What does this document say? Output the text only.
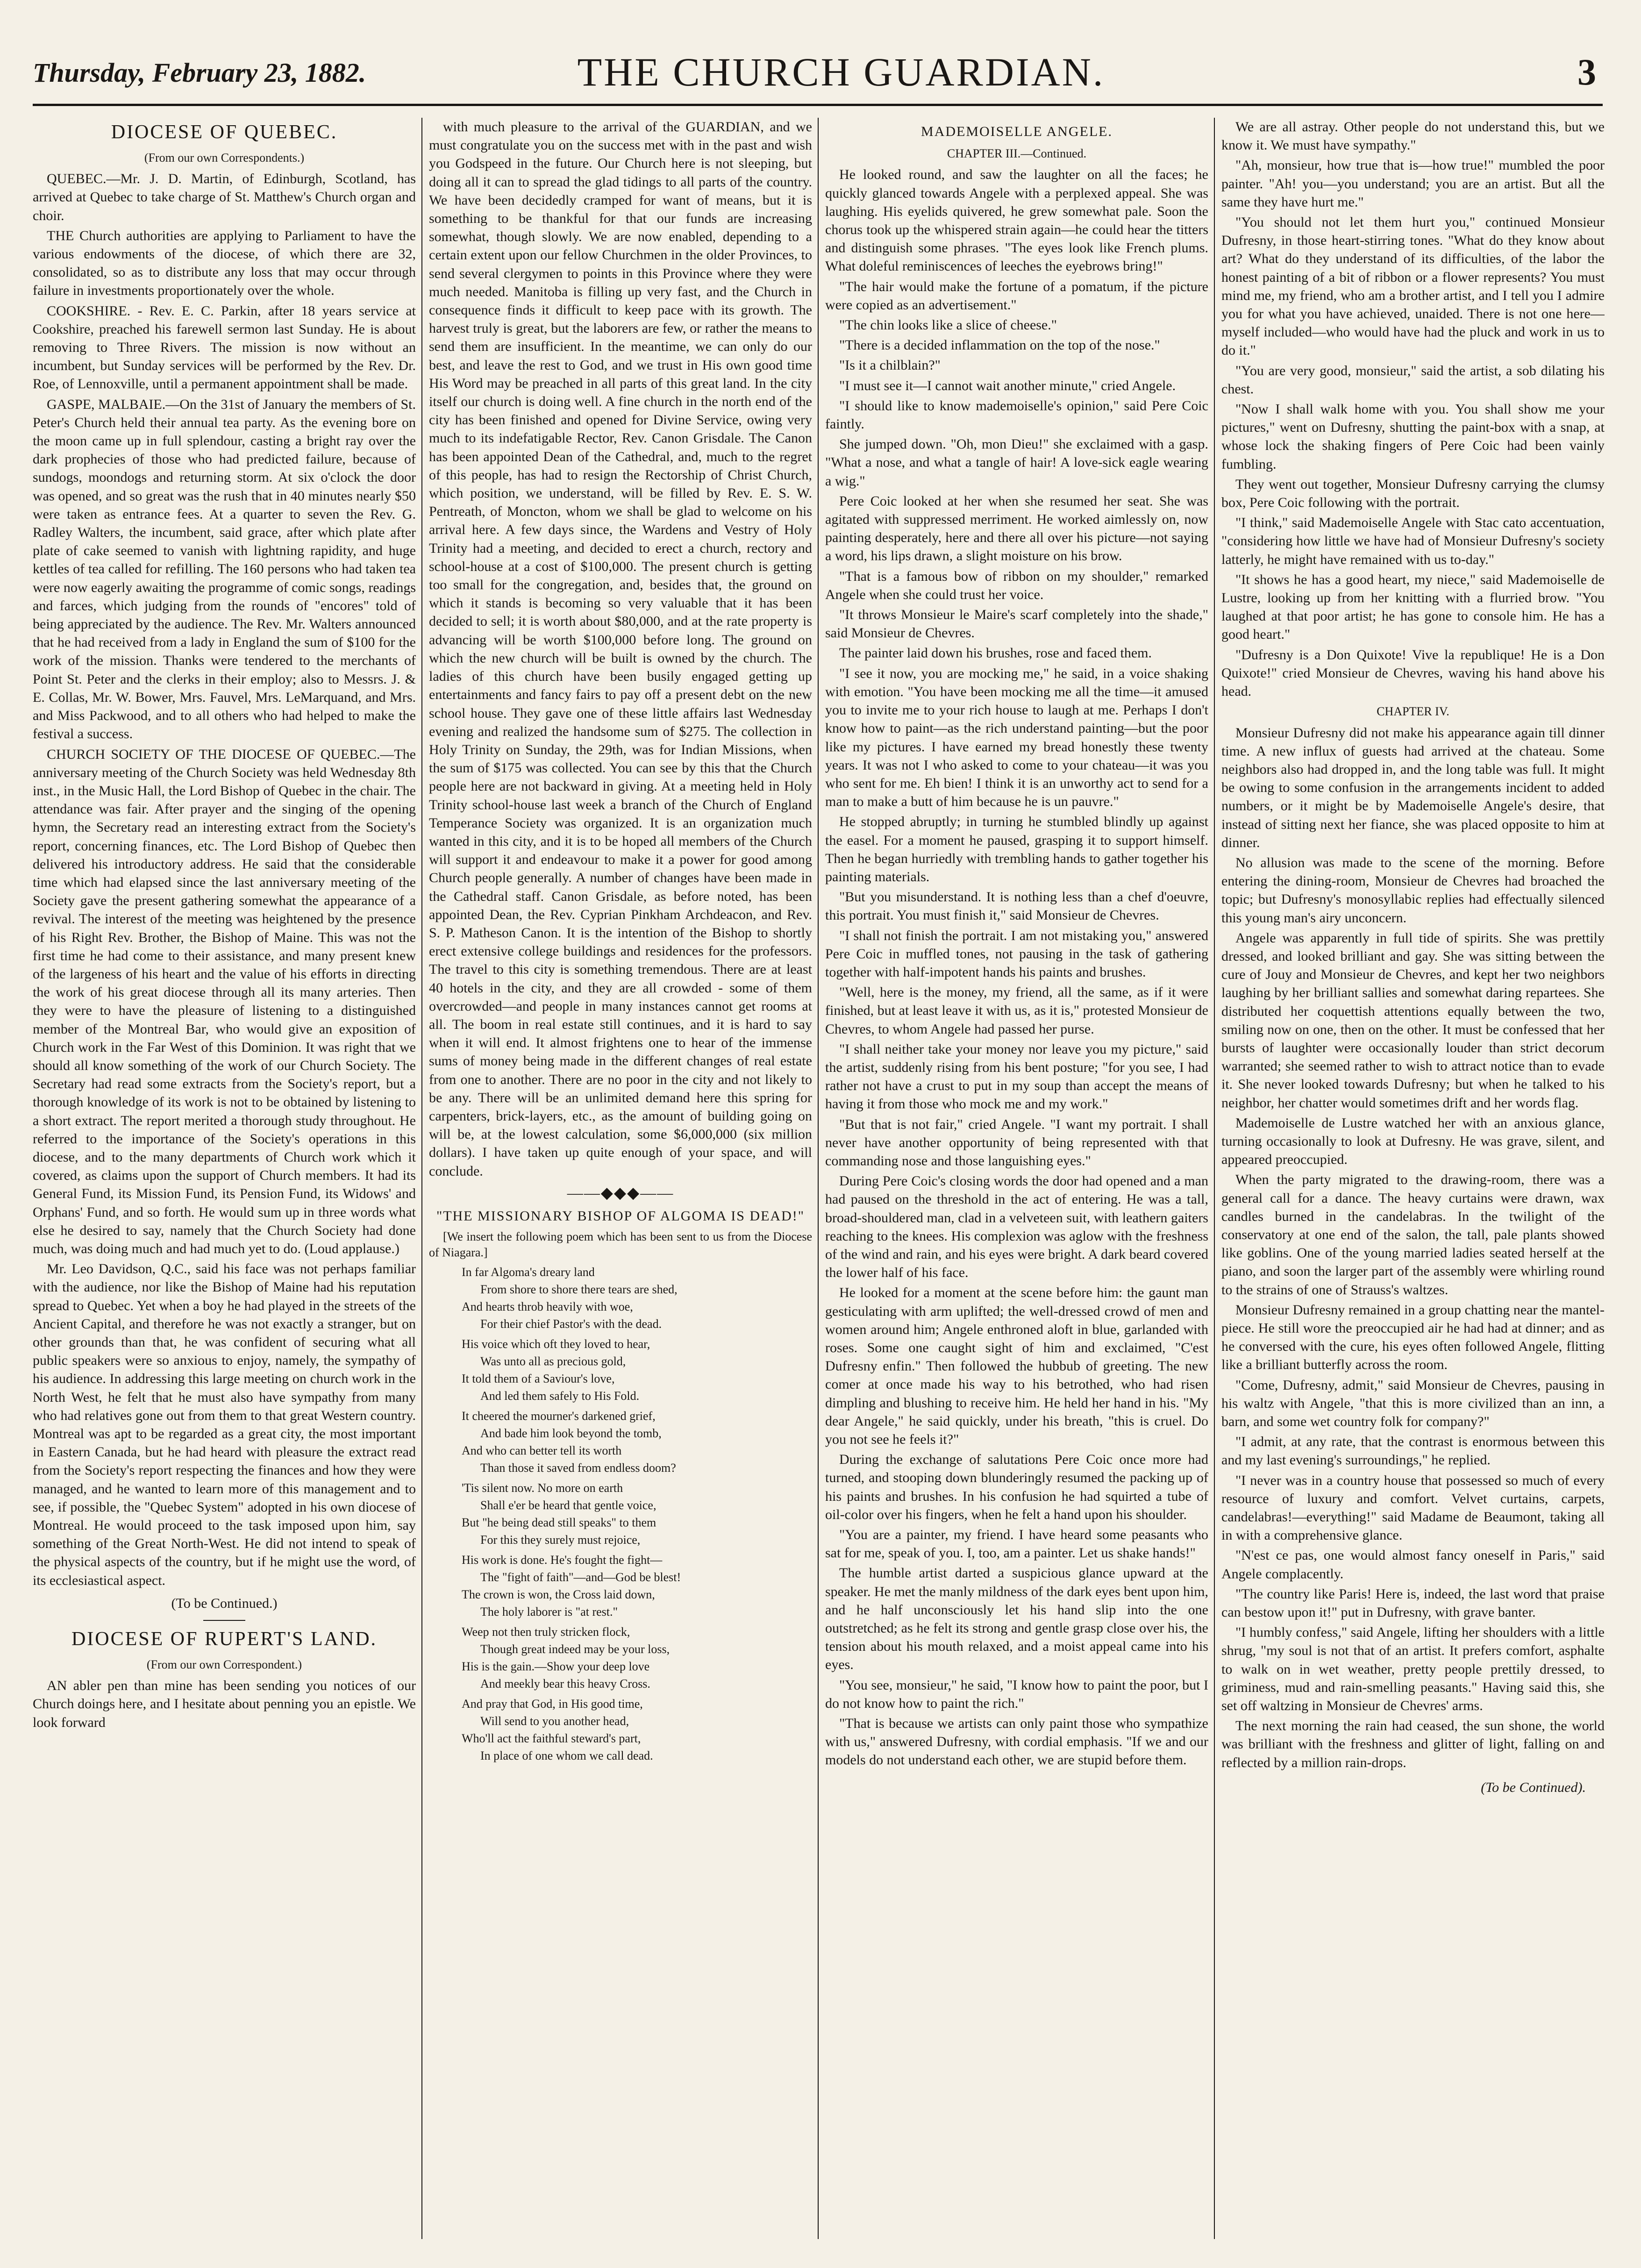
Thursday, February 23, 1882.	THE CHURCH GUARDIAN.	3
DIOCESE OF QUEBEC.
(From our own Correspondents.)

QUEBEC.—Mr. J. D. Martin, of Edinburgh, Scotland, has arrived at Quebec to take charge of St. Matthew's Church organ and choir.

THE Church authorities are applying to Parliament to have the various endowments of the diocese, of which there are 32, consolidated, so as to distribute any loss that may occur through failure in investments proportionately over the whole.

COOKSHIRE. - Rev. E. C. Parkin, after 18 years service at Cookshire, preached his farewell sermon last Sunday. He is about removing to Three Rivers. The mission is now without an incumbent, but Sunday services will be performed by the Rev. Dr. Roe, of Lennoxville, until a permanent appointment shall be made.

GASPE, MALBAIE.—On the 31st of January the members of St. Peter's Church held their annual tea party. As the evening bore on the moon came up in full splendour, casting a bright ray over the dark prophecies of those who had predicted failure, because of sundogs, moondogs and returning storm. At six o'clock the door was opened, and so great was the rush that in 40 minutes nearly $50 were taken as entrance fees. At a quarter to seven the Rev. G. Radley Walters, the incumbent, said grace, after which plate after plate of cake seemed to vanish with lightning rapidity, and huge kettles of tea called for refilling. The 160 persons who had taken tea were now eagerly awaiting the programme of comic songs, readings and farces, which judging from the rounds of "encores" told of being appreciated by the audience. The Rev. Mr. Walters announced that he had received from a lady in England the sum of $100 for the work of the mission. Thanks were tendered to the merchants of Point St. Peter and the clerks in their employ; also to Messrs. J. & E. Collas, Mr. W. Bower, Mrs. Fauvel, Mrs. LeMarquand, and Mrs. and Miss Packwood, and to all others who had helped to make the festival a success.

CHURCH SOCIETY OF THE DIOCESE OF QUEBEC.—The anniversary meeting of the Church Society was held Wednesday 8th inst., in the Music Hall, the Lord Bishop of Quebec in the chair. The attendance was fair. After prayer and the singing of the opening hymn, the Secretary read an interesting extract from the Society's report, concerning finances, etc. The Lord Bishop of Quebec then delivered his introductory address. He said that the considerable time which had elapsed since the last anniversary meeting of the Society gave the present gathering somewhat the appearance of a revival. The interest of the meeting was heightened by the presence of his Right Rev. Brother, the Bishop of Maine. This was not the first time he had come to their assistance, and many present knew of the largeness of his heart and the value of his efforts in directing the work of his great diocese through all its many arteries. Then they were to have the pleasure of listening to a distinguished member of the Montreal Bar, who would give an exposition of Church work in the Far West of this Dominion. It was right that we should all know something of the work of our Church Society. The Secretary had read some extracts from the Society's report, but a thorough knowledge of its work is not to be obtained by listening to a short extract. The report merited a thorough study throughout. He referred to the importance of the Society's operations in this diocese, and to the many departments of Church work which it covered, as claims upon the support of Church members. It had its General Fund, its Mission Fund, its Pension Fund, its Widows' and Orphans' Fund, and so forth. He would sum up in three words what else he desired to say, namely that the Church Society had done much, was doing much and had much yet to do. (Loud applause.)

Mr. Leo Davidson, Q.C., said his face was not perhaps familiar with the audience, nor like the Bishop of Maine had his reputation spread to Quebec. Yet when a boy he had played in the streets of the Ancient Capital, and therefore he was not exactly a stranger, but on other grounds than that, he was confident of securing what all public speakers were so anxious to enjoy, namely, the sympathy of his audience. In addressing this large meeting on church work in the North West, he felt that he must also have sympathy from many who had relatives gone out from them to that great Western country. Montreal was apt to be regarded as a great city, the most important in Eastern Canada, but he had heard with pleasure the extract read from the Society's report respecting the finances and how they were managed, and he wanted to learn more of this management and to see, if possible, the "Quebec System" adopted in his own diocese of Montreal. He would proceed to the task imposed upon him, say something of the Great North-West. He did not intend to speak of the physical aspects of the country, but if he might use the word, of its ecclesiastical aspect.

(To be Continued.)
DIOCESE OF RUPERT'S LAND.
(From our own Correspondent.)

AN abler pen than mine has been sending you notices of our Church doings here, and I hesitate about penning you an epistle. We look forward

with much pleasure to the arrival of the GUARDIAN, and we must congratulate you on the success met with in the past and wish you Godspeed in the future. Our Church here is not sleeping, but doing all it can to spread the glad tidings to all parts of the country. We have been decidedly cramped for want of means, but it is something to be thankful for that our funds are increasing somewhat, though slowly. We are now enabled, depending to a certain extent upon our fellow Churchmen in the older Provinces, to send several clergymen to points in this Province where they were much needed. Manitoba is filling up very fast, and the Church in consequence finds it difficult to keep pace with its growth. The harvest truly is great, but the laborers are few, or rather the means to send them are insufficient. In the meantime, we can only do our best, and leave the rest to God, and we trust in His own good time His Word may be preached in all parts of this great land. In the city itself our church is doing well. A fine church in the north end of the city has been finished and opened for Divine Service, owing very much to its indefatigable Rector, Rev. Canon Grisdale. The Canon has been appointed Dean of the Cathedral, and, much to the regret of this people, has had to resign the Rectorship of Christ Church, which position, we understand, will be filled by Rev. E. S. W. Pentreath, of Moncton, whom we shall be glad to welcome on his arrival here. A few days since, the Wardens and Vestry of Holy Trinity had a meeting, and decided to erect a church, rectory and school-house at a cost of $100,000. The present church is getting too small for the congregation, and, besides that, the ground on which it stands is becoming so very valuable that it has been decided to sell; it is worth about $80,000, and at the rate property is advancing will be worth $100,000 before long. The ground on which the new church will be built is owned by the church. The ladies of this church have been busily engaged getting up entertainments and fancy fairs to pay off a present debt on the new school house. They gave one of these little affairs last Wednesday evening and realized the handsome sum of $275. The collection in Holy Trinity on Sunday, the 29th, was for Indian Missions, when the sum of $175 was collected. You can see by this that the Church people here are not backward in giving. At a meeting held in Holy Trinity school-house last week a branch of the Church of England Temperance Society was organized. It is an organization much wanted in this city, and it is to be hoped all members of the Church will support it and endeavour to make it a power for good among Church people generally. A number of changes have been made in the Cathedral staff. Canon Grisdale, as before noted, has been appointed Dean, the Rev. Cyprian Pinkham Archdeacon, and Rev. S. P. Matheson Canon. It is the intention of the Bishop to shortly erect extensive college buildings and residences for the professors. The travel to this city is something tremendous. There are at least 40 hotels in the city, and they are all crowded - some of them overcrowded—and people in many instances cannot get rooms at all. The boom in real estate still continues, and it is hard to say when it will end. It almost frightens one to hear of the immense sums of money being made in the different changes of real estate from one to another. There are no poor in the city and not likely to be any. There will be an unlimited demand here this spring for carpenters, brick-layers, etc., as the amount of building going on will be, at the lowest calculation, some $6,000,000 (six million dollars). I have taken up quite enough of your space, and will conclude.

——◆◆◆——
"THE MISSIONARY BISHOP OF ALGOMA IS DEAD!"

[We insert the following poem which has been sent to us from the Diocese of Niagara.]

In far Algoma's dreary land
From shore to shore there tears are shed,
And hearts throb heavily with woe,
For their chief Pastor's with the dead.
His voice which oft they loved to hear,
Was unto all as precious gold,
It told them of a Saviour's love,
And led them safely to His Fold.
It cheered the mourner's darkened grief,
And bade him look beyond the tomb,
And who can better tell its worth
Than those it saved from endless doom?
'Tis silent now. No more on earth
Shall e'er be heard that gentle voice,
But "he being dead still speaks" to them
For this they surely must rejoice,
His work is done. He's fought the fight—
The "fight of faith"—and—God be blest!
The crown is won, the Cross laid down,
The holy laborer is "at rest."
Weep not then truly stricken flock,
Though great indeed may be your loss,
His is the gain.—Show your deep love
And meekly bear this heavy Cross.
And pray that God, in His good time,
Will send to you another head,
Who'll act the faithful steward's part,
In place of one whom we call dead.
MADEMOISELLE ANGELE.
CHAPTER III.—Continued.

He looked round, and saw the laughter on all the faces; he quickly glanced towards Angele with a perplexed appeal. She was laughing. His eyelids quivered, he grew somewhat pale. Soon the chorus took up the whispered strain again—he could hear the titters and distinguish some phrases. "The eyes look like French plums. What doleful reminiscences of leeches the eyebrows bring!"

"The hair would make the fortune of a pomatum, if the picture were copied as an advertisement."

"The chin looks like a slice of cheese."

"There is a decided inflammation on the top of the nose."

"Is it a chilblain?"

"I must see it—I cannot wait another minute," cried Angele.

"I should like to know mademoiselle's opinion," said Pere Coic faintly.

She jumped down. "Oh, mon Dieu!" she exclaimed with a gasp. "What a nose, and what a tangle of hair! A love-sick eagle wearing a wig."

Pere Coic looked at her when she resumed her seat. She was agitated with suppressed merriment. He worked aimlessly on, now painting desperately, here and there all over his picture—not saying a word, his lips drawn, a slight moisture on his brow.

"That is a famous bow of ribbon on my shoulder," remarked Angele when she could trust her voice.

"It throws Monsieur le Maire's scarf completely into the shade," said Monsieur de Chevres.

The painter laid down his brushes, rose and faced them.

"I see it now, you are mocking me," he said, in a voice shaking with emotion. "You have been mocking me all the time—it amused you to invite me to your rich house to laugh at me. Perhaps I don't know how to paint—as the rich understand painting—but the poor like my pictures. I have earned my bread honestly these twenty years. It was not I who asked to come to your chateau—it was you who sent for me. Eh bien! I think it is an unworthy act to send for a man to make a butt of him because he is un pauvre."

He stopped abruptly; in turning he stumbled blindly up against the easel. For a moment he paused, grasping it to support himself. Then he began hurriedly with trembling hands to gather together his painting materials.

"But you misunderstand. It is nothing less than a chef d'oeuvre, this portrait. You must finish it," said Monsieur de Chevres.

"I shall not finish the portrait. I am not mistaking you," answered Pere Coic in muffled tones, not pausing in the task of gathering together with half-impotent hands his paints and brushes.

"Well, here is the money, my friend, all the same, as if it were finished, but at least leave it with us, as it is," protested Monsieur de Chevres, to whom Angele had passed her purse.

"I shall neither take your money nor leave you my picture," said the artist, suddenly rising from his bent posture; "for you see, I had rather not have a crust to put in my soup than accept the means of having it from those who mock me and my work."

"But that is not fair," cried Angele. "I want my portrait. I shall never have another opportunity of being represented with that commanding nose and those languishing eyes."

During Pere Coic's closing words the door had opened and a man had paused on the threshold in the act of entering. He was a tall, broad-shouldered man, clad in a velveteen suit, with leathern gaiters reaching to the knees. His complexion was aglow with the freshness of the wind and rain, and his eyes were bright. A dark beard covered the lower half of his face.

He looked for a moment at the scene before him: the gaunt man gesticulating with arm uplifted; the well-dressed crowd of men and women around him; Angele enthroned aloft in blue, garlanded with roses. Some one caught sight of him and exclaimed, "C'est Dufresny enfin." Then followed the hubbub of greeting. The new comer at once made his way to his betrothed, who had risen dimpling and blushing to receive him. He held her hand in his. "My dear Angele," he said quickly, under his breath, "this is cruel. Do you not see he feels it?"

During the exchange of salutations Pere Coic once more had turned, and stooping down blunderingly resumed the packing up of his paints and brushes. In his confusion he had squirted a tube of oil-color over his fingers, when he felt a hand upon his shoulder.

"You are a painter, my friend. I have heard some peasants who sat for me, speak of you. I, too, am a painter. Let us shake hands!"

The humble artist darted a suspicious glance upward at the speaker. He met the manly mildness of the dark eyes bent upon him, and he half unconsciously let his hand slip into the one outstretched; as he felt its strong and gentle grasp close over his, the tension about his mouth relaxed, and a moist appeal came into his eyes.

"You see, monsieur," he said, "I know how to paint the poor, but I do not know how to paint the rich."

"That is because we artists can only paint those who sympathize with us," answered Dufresny, with cordial emphasis. "If we and our models do not understand each other, we are stupid before them.

We are all astray. Other people do not understand this, but we know it. We must have sympathy."

"Ah, monsieur, how true that is—how true!" mumbled the poor painter. "Ah! you—you understand; you are an artist. But all the same they have hurt me."

"You should not let them hurt you," continued Monsieur Dufresny, in those heart-stirring tones. "What do they know about art? What do they understand of its difficulties, of the labor the honest painting of a bit of ribbon or a flower represents? You must mind me, my friend, who am a brother artist, and I tell you I admire you for what you have achieved, unaided. There is not one here—myself included—who would have had the pluck and work in us to do it."

"You are very good, monsieur," said the artist, a sob dilating his chest.

"Now I shall walk home with you. You shall show me your pictures," went on Dufresny, shutting the paint-box with a snap, at whose lock the shaking fingers of Pere Coic had been vainly fumbling.

They went out together, Monsieur Dufresny carrying the clumsy box, Pere Coic following with the portrait.

"I think," said Mademoiselle Angele with Stac cato accentuation, "considering how little we have had of Monsieur Dufresny's society latterly, he might have remained with us to-day."

"It shows he has a good heart, my niece," said Mademoiselle de Lustre, looking up from her knitting with a flurried brow. "You laughed at that poor artist; he has gone to console him. He has a good heart."

"Dufresny is a Don Quixote! Vive la republique! He is a Don Quixote!" cried Monsieur de Chevres, waving his hand above his head.

CHAPTER IV.

Monsieur Dufresny did not make his appearance again till dinner time. A new influx of guests had arrived at the chateau. Some neighbors also had dropped in, and the long table was full. It might be owing to some confusion in the arrangements incident to added numbers, or it might be by Mademoiselle Angele's desire, that instead of sitting next her fiance, she was placed opposite to him at dinner.

No allusion was made to the scene of the morning. Before entering the dining-room, Monsieur de Chevres had broached the topic; but Dufresny's monosyllabic replies had effectually silenced this young man's airy unconcern.

Angele was apparently in full tide of spirits. She was prettily dressed, and looked brilliant and gay. She was sitting between the cure of Jouy and Monsieur de Chevres, and kept her two neighbors laughing by her brilliant sallies and somewhat daring repartees. She distributed her coquettish attentions equally between the two, smiling now on one, then on the other. It must be confessed that her bursts of laughter were occasionally louder than strict decorum warranted; she seemed rather to wish to attract notice than to evade it. She never looked towards Dufresny; but when he talked to his neighbor, her chatter would sometimes drift and her words flag.

Mademoiselle de Lustre watched her with an anxious glance, turning occasionally to look at Dufresny. He was grave, silent, and appeared preoccupied.

When the party migrated to the drawing-room, there was a general call for a dance. The heavy curtains were drawn, wax candles burned in the candelabras. In the twilight of the conservatory at one end of the salon, the tall, pale plants showed like goblins. One of the young married ladies seated herself at the piano, and soon the larger part of the assembly were whirling round to the strains of one of Strauss's waltzes.

Monsieur Dufresny remained in a group chatting near the mantel-piece. He still wore the preoccupied air he had had at dinner; and as he conversed with the cure, his eyes often followed Angele, flitting like a brilliant butterfly across the room.

"Come, Dufresny, admit," said Monsieur de Chevres, pausing in his waltz with Angele, "that this is more civilized than an inn, a barn, and some wet country folk for company?"

"I admit, at any rate, that the contrast is enormous between this and my last evening's surroundings," he replied.

"I never was in a country house that possessed so much of every resource of luxury and comfort. Velvet curtains, carpets, candelabras!—everything!" said Madame de Beaumont, taking all in with a comprehensive glance.

"N'est ce pas, one would almost fancy oneself in Paris," said Angele complacently.

"The country like Paris! Here is, indeed, the last word that praise can bestow upon it!" put in Dufresny, with grave banter.

"I humbly confess," said Angele, lifting her shoulders with a little shrug, "my soul is not that of an artist. It prefers comfort, asphalte to walk on in wet weather, pretty people prettily dressed, to griminess, mud and rain-smelling peasants." Having said this, she set off waltzing in Monsieur de Chevres' arms.

The next morning the rain had ceased, the sun shone, the world was brilliant with the freshness and glitter of light, falling on and reflected by a million rain-drops.

(To be Continued).
